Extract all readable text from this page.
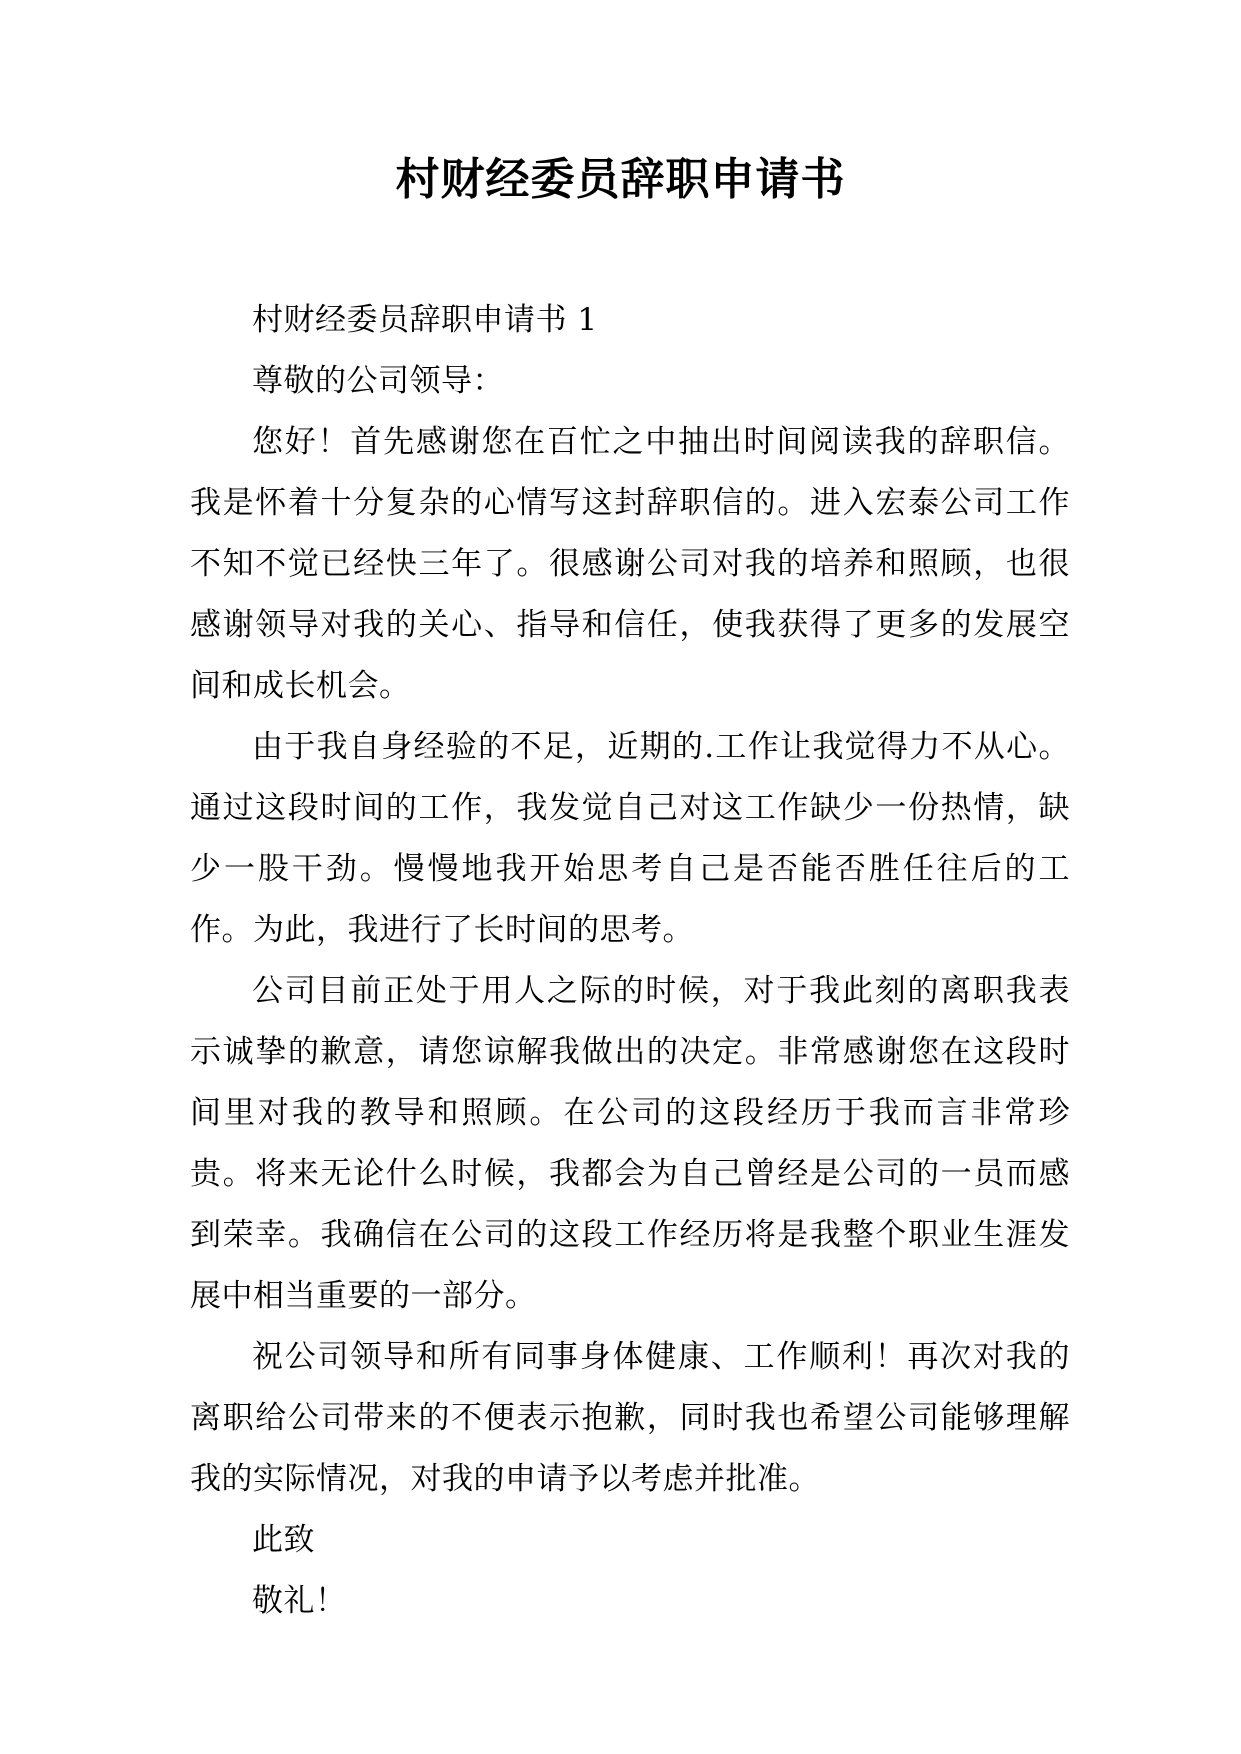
村财经委员辞职申请书

村财经委员辞职申请书 1

尊敬的公司领导：

您好！首先感谢您在百忙之中抽出时间阅读我的辞职信。我是怀着十分复杂的心情写这封辞职信的。进入宏泰公司工作不知不觉已经快三年了。很感谢公司对我的培养和照顾，也很感谢领导对我的关心、指导和信任，使我获得了更多的发展空间和成长机会。

由于我自身经验的不足，近期的.工作让我觉得力不从心。通过这段时间的工作，我发觉自己对这工作缺少一份热情，缺少一股干劲。慢慢地我开始思考自己是否能否胜任往后的工作。为此，我进行了长时间的思考。

公司目前正处于用人之际的时候，对于我此刻的离职我表示诚挚的歉意，请您谅解我做出的决定。非常感谢您在这段时间里对我的教导和照顾。在公司的这段经历于我而言非常珍贵。将来无论什么时候，我都会为自己曾经是公司的一员而感到荣幸。我确信在公司的这段工作经历将是我整个职业生涯发展中相当重要的一部分。

祝公司领导和所有同事身体健康、工作顺利！再次对我的离职给公司带来的不便表示抱歉，同时我也希望公司能够理解我的实际情况，对我的申请予以考虑并批准。

此致

敬礼！
